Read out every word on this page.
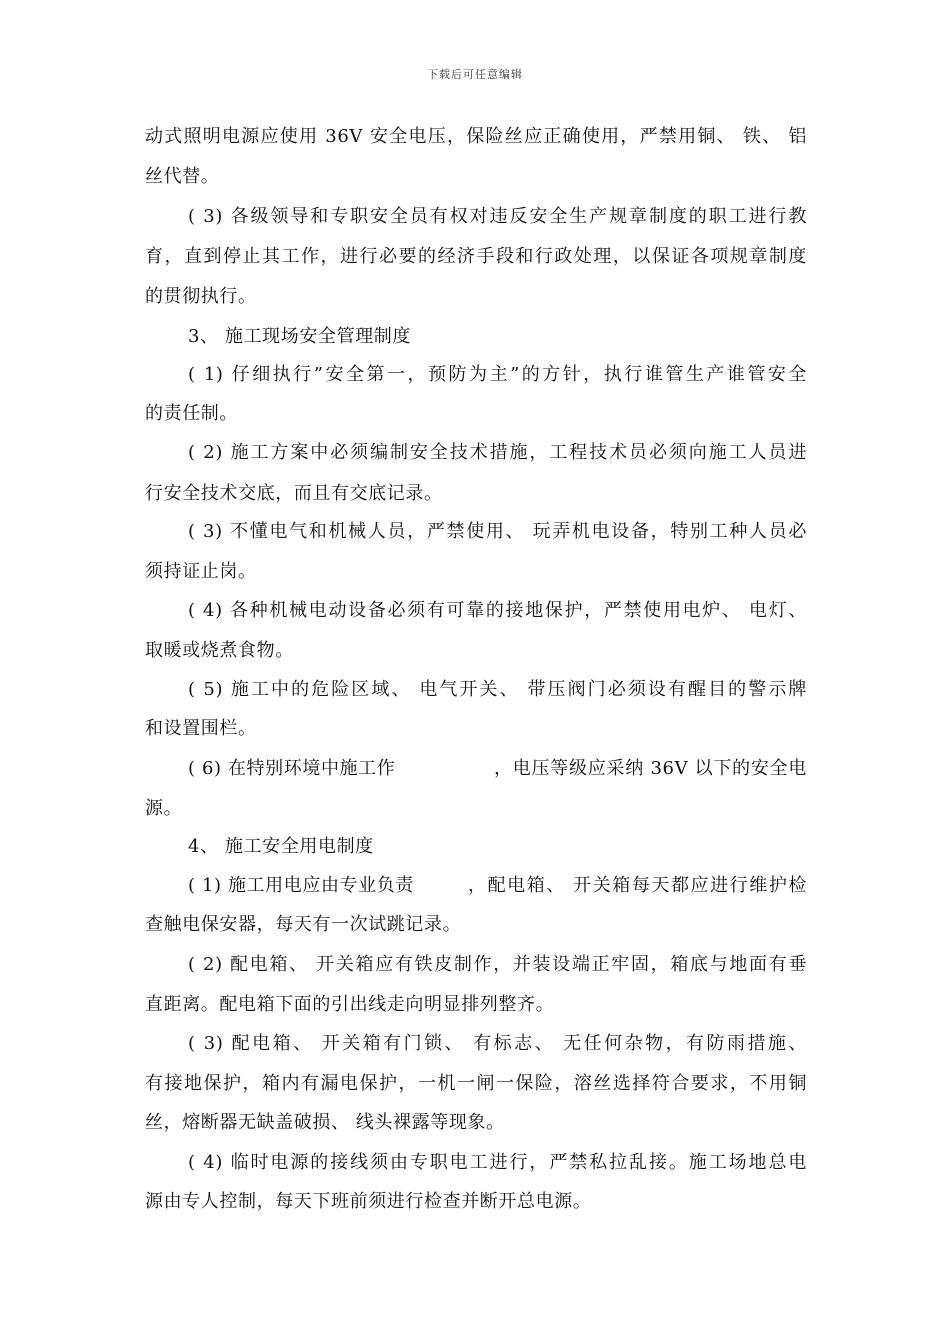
下载后可任意编辑
动式照明电源应使用 36V 安全电压，保险丝应正确使用，严禁用铜、 铁、 铝
丝代替。
( 3) 各级领导和专职安全员有权对违反安全生产规章制度的职工进行教
育，直到停止其工作，进行必要的经济手段和行政处理，以保证各项规章制度
的贯彻执行。
3、 施工现场安全管理制度
( 1) 仔细执行”安全第一，预防为主”的方针，执行谁管生产谁管安全
的责任制。
( 2) 施工方案中必须编制安全技术措施，工程技术员必须向施工人员进
行安全技术交底，而且有交底记录。
( 3) 不懂电气和机械人员，严禁使用、 玩弄机电设备，特别工种人员必
须持证止岗。
( 4) 各种机械电动设备必须有可靠的接地保护，严禁使用电炉、 电灯、
取暖或烧煮食物。
( 5) 施工中的危险区域、 电气开关、 带压阀门必须设有醒目的警示牌
和设置围栏。
( 6) 在特别环境中施工作	，电压等级应采纳 36V 以下的安全电
源。
4、 施工安全用电制度
( 1) 施工用电应由专业负责	，配电箱、 开关箱每天都应进行维护检
查触电保安器，每天有一次试跳记录。
( 2) 配电箱、 开关箱应有铁皮制作，并装设端正牢固，箱底与地面有垂
直距离。配电箱下面的引出线走向明显排列整齐。
( 3) 配电箱、 开关箱有门锁、 有标志、 无任何杂物，有防雨措施、
有接地保护，箱内有漏电保护，一机一闸一保险，溶丝选择符合要求，不用铜
丝，熔断器无缺盖破损、 线头裸露等现象。
( 4) 临时电源的接线须由专职电工进行，严禁私拉乱接。施工场地总电
源由专人控制，每天下班前须进行检查并断开总电源。
